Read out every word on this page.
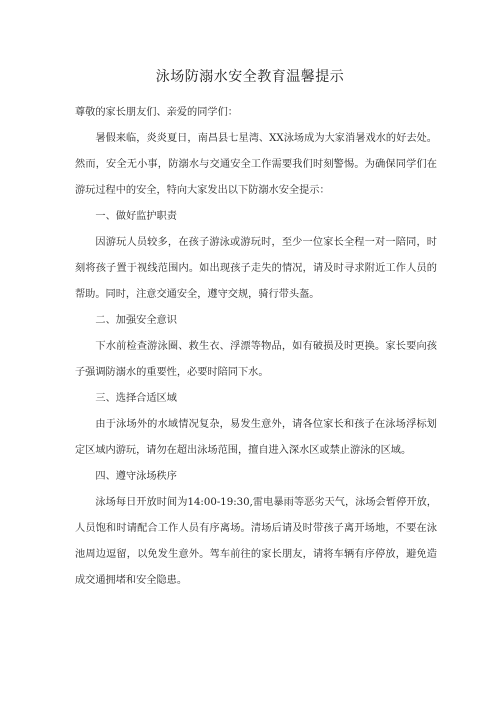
泳场防溺水安全教育温馨提示

尊敬的家长朋友们、亲爱的同学们：

暑假来临，炎炎夏日，南昌县七星湾、XX泳场成为大家消暑戏水的好去处。然而，安全无小事，防溺水与交通安全工作需要我们时刻警惕。为确保同学们在游玩过程中的安全，特向大家发出以下防溺水安全提示：

一、做好监护职责

因游玩人员较多，在孩子游泳或游玩时，至少一位家长全程一对一陪同，时刻将孩子置于视线范围内。如出现孩子走失的情况，请及时寻求附近工作人员的帮助。同时，注意交通安全，遵守交规，骑行带头盔。

二、加强安全意识

下水前检查游泳圈、救生衣、浮漂等物品，如有破损及时更换。家长要向孩子强调防溺水的重要性，必要时陪同下水。

三、选择合适区域

由于泳场外的水域情况复杂，易发生意外，请各位家长和孩子在泳场浮标划定区域内游玩，请勿在超出泳场范围，擅自进入深水区或禁止游泳的区域。

四、遵守泳场秩序

泳场每日开放时间为14:00-19:30,雷电暴雨等恶劣天气，泳场会暂停开放，人员饱和时请配合工作人员有序离场。清场后请及时带孩子离开场地，不要在泳池周边逗留，以免发生意外。驾车前往的家长朋友，请将车辆有序停放，避免造成交通拥堵和安全隐患。
